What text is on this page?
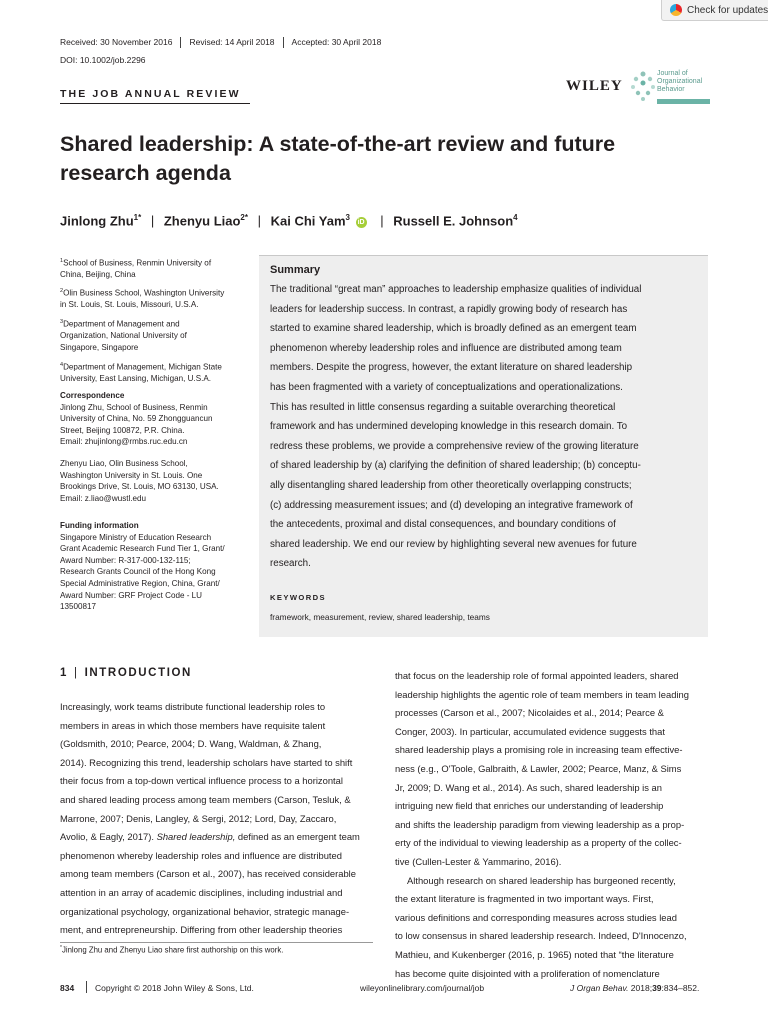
Check for updates
Received: 30 November 2016	Revised: 14 April 2018	Accepted: 30 April 2018
DOI: 10.1002/job.2296
THE JOB ANNUAL REVIEW	WILEY
Journal of
Organizational
Behavior
Shared leadership: A state-of-the-art review and future
research agenda
Jinlong Zhu$^{1*}$ | Zhenyu Liao$^{2*}$ | Kai Chi Yam$^3$ iD | Russell E. Johnson$^4$
$^1$School of Business, Renmin University of
China, Beijing, China
$^2$Olin Business School, Washington University
in St. Louis, St. Louis, Missouri, U.S.A.
$^3$Department of Management and
Organization, National University of
Singapore, Singapore
$^4$Department of Management, Michigan State
University, East Lansing, Michigan, U.S.A.
Correspondence
Jinlong Zhu, School of Business, Renmin
University of China, No. 59 Zhongguancun
Street, Beijing 100872, P.R. China.
Email: zhujinlong@rmbs.ruc.edu.cn
Zhenyu Liao, Olin Business School,
Washington University in St. Louis. One
Brookings Drive, St. Louis, MO 63130, USA.
Email: z.liao@wustl.edu
Funding information
Singapore Ministry of Education Research
Grant Academic Research Fund Tier 1, Grant/
Award Number: R-317-000-132-115;
Research Grants Council of the Hong Kong
Special Administrative Region, China, Grant/
Award Number: GRF Project Code - LU
13500817
Summary
The traditional “great man” approaches to leadership emphasize qualities of individual
leaders for leadership success. In contrast, a rapidly growing body of research has
started to examine shared leadership, which is broadly defined as an emergent team
phenomenon whereby leadership roles and influence are distributed among team
members. Despite the progress, however, the extant literature on shared leadership
has been fragmented with a variety of conceptualizations and operationalizations.
This has resulted in little consensus regarding a suitable overarching theoretical
framework and has undermined developing knowledge in this research domain. To
redress these problems, we provide a comprehensive review of the growing literature
of shared leadership by (a) clarifying the definition of shared leadership; (b) conceptu-
ally disentangling shared leadership from other theoretically overlapping constructs;
(c) addressing measurement issues; and (d) developing an integrative framework of
the antecedents, proximal and distal consequences, and boundary conditions of
shared leadership. We end our review by highlighting several new avenues for future
research.
KEYWORDS
framework, measurement, review, shared leadership, teams
1 | INTRODUCTION
Increasingly, work teams distribute functional leadership roles to
members in areas in which those members have requisite talent
(Goldsmith, 2010; Pearce, 2004; D. Wang, Waldman, & Zhang,
2014). Recognizing this trend, leadership scholars have started to shift
their focus from a top-down vertical influence process to a horizontal
and shared leading process among team members (Carson, Tesluk, &
Marrone, 2007; Denis, Langley, & Sergi, 2012; Lord, Day, Zaccaro,
Avolio, & Eagly, 2017). Shared leadership, defined as an emergent team
phenomenon whereby leadership roles and influence are distributed
among team members (Carson et al., 2007), has received considerable
attention in an array of academic disciplines, including industrial and
organizational psychology, organizational behavior, strategic manage-
ment, and entrepreneurship. Differing from other leadership theories
that focus on the leadership role of formal appointed leaders, shared
leadership highlights the agentic role of team members in team leading
processes (Carson et al., 2007; Nicolaides et al., 2014; Pearce &
Conger, 2003). In particular, accumulated evidence suggests that
shared leadership plays a promising role in increasing team effective-
ness (e.g., O'Toole, Galbraith, & Lawler, 2002; Pearce, Manz, & Sims
Jr, 2009; D. Wang et al., 2014). As such, shared leadership is an
intriguing new field that enriches our understanding of leadership
and shifts the leadership paradigm from viewing leadership as a prop-
erty of the individual to viewing leadership as a property of the collec-
tive (Cullen-Lester & Yammarino, 2016).
Although research on shared leadership has burgeoned recently,
the extant literature is fragmented in two important ways. First,
various definitions and corresponding measures across studies lead
to low consensus in shared leadership research. Indeed, D'Innocenzo,
Mathieu, and Kukenberger (2016, p. 1965) noted that “the literature
has become quite disjointed with a proliferation of nomenclature
*Jinlong Zhu and Zhenyu Liao share first authorship on this work.
834 Copyright © 2018 John Wiley & Sons, Ltd.	wileyonlinelibrary.com/journal/job	J Organ Behav. 2018;39:834–852.
